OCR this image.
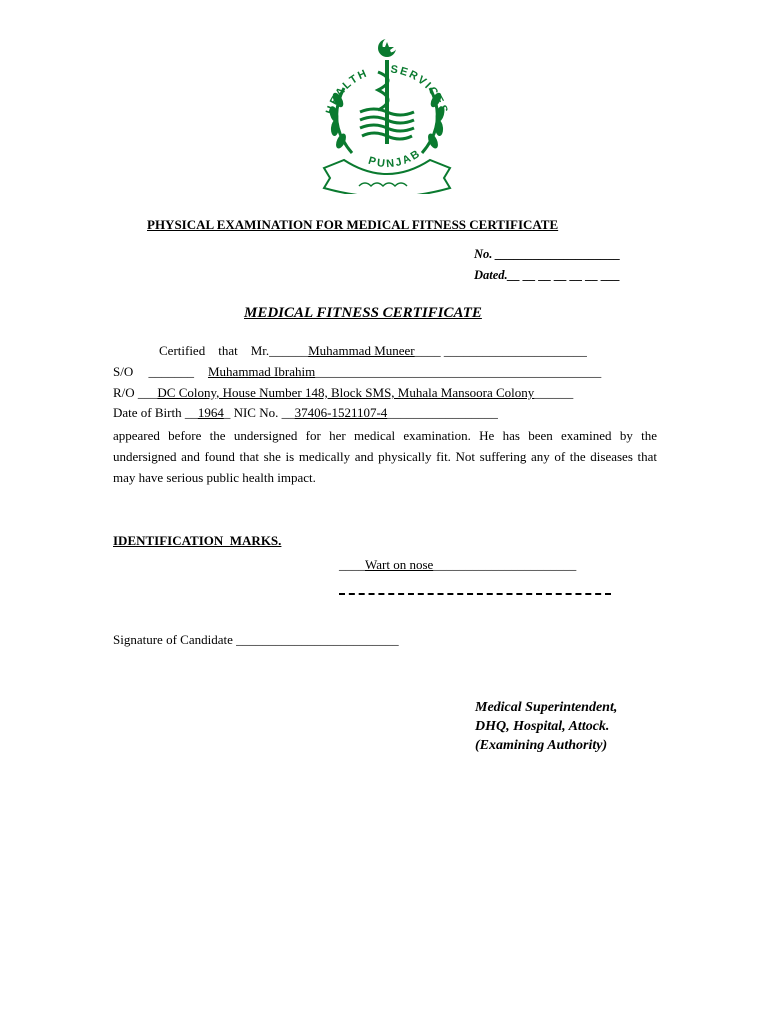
HEALTH SERVICES
PUNJAB
PHYSICAL EXAMINATION FOR MEDICAL FITNESS CERTIFICATE
No. ____________________
Dated.__ __ __ __ __ __ ___
MEDICAL FITNESS CERTIFICATE
Certified    that    Mr.______Muhammad Muneer____ ______________________
S/O _______ Muhammad Ibrahim____________________________________________
R/O ___DC Colony, House Number 148, Block SMS, Muhala Mansoora Colony______
Date of Birth __1964_ NIC No. __37406-1521107-4_________________
appeared before the undersigned for her medical examination. He has been examined by the undersigned and found that she is medically and physically fit. Not suffering any of the diseases that may have serious public health impact.
IDENTIFICATION  MARKS.
____Wart on nose______________________
Signature of Candidate _________________________
Medical Superintendent,
DHQ, Hospital, Attock.
(Examining Authority)
